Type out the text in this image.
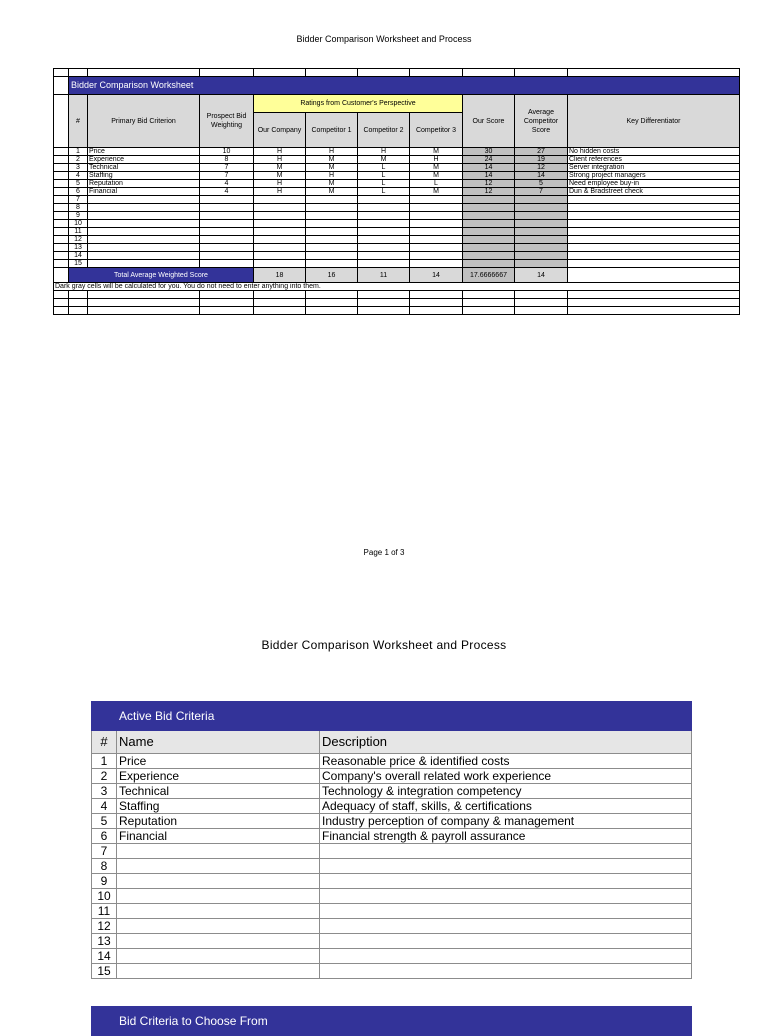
Bidder Comparison Worksheet and Process

	Bidder Comparison Worksheet									
	#	Primary Bid Criterion	Prospect Bid Weighting	Ratings from Customer's Perspective				Our Score	Average Competitor Score	Key Differentiator
				Our Company	Competitor 1	Competitor 2	Competitor 3			
	1	Price	10	H	H	H	M	30	27	No hidden costs
	2	Experience	8	H	M	M	H	24	19	Client references
	3	Technical	7	M	M	L	M	14	12	Server integration
	4	Staffing	7	M	H	L	M	14	14	Strong project managers
	5	Reputation	4	H	M	L	L	12	5	Need employee buy-in
	6	Financial	4	H	M	L	M	12	7	Dun & Bradstreet check
	7									
	8									
	9									
	10									
	11									
	12									
	13									
	14									
	15									
	Total Average Weighted Score			18	16	11	14	17.6666667	14	
Dark gray cells will be calculated for you. You do not need to enter anything into them.										

Page 1 of 3
Bidder Comparison Worksheet and Process
Active Bid Criteria		
#	Name	Description
1	Price	Reasonable price & identified costs
2	Experience	Company's overall related work experience
3	Technical	Technology & integration competency
4	Staffing	Adequacy of staff, skills, & certifications
5	Reputation	Industry perception of company & management
6	Financial	Financial strength & payroll assurance
7		
8		
9		
10		
11		
12		
13		
14		
15		
Bid Criteria to Choose From
